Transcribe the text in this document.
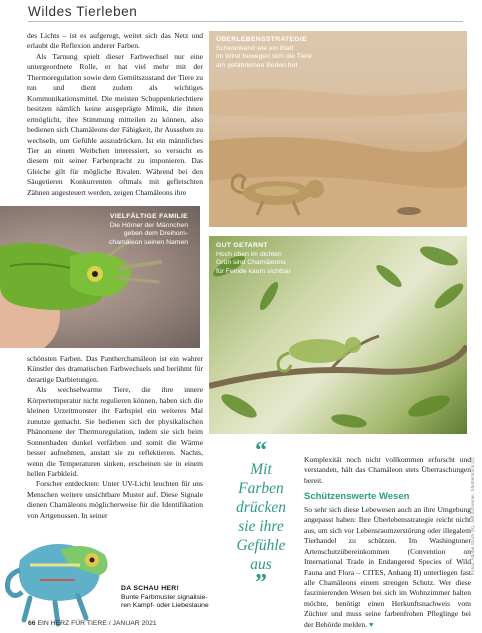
Wildes Tierleben

des Lichts – ist es aufgeregt, weitet sich das Netz und erlaubt die Reflexion anderer Farben.

Als Tarnung spielt dieser Farbwechsel nur eine untergeordnete Rolle, er hat viel mehr mit der Thermoregulation sowie dem Gemütszustand der Tiere zu tun und dient zudem als wichtiges Kommunikationsmittel. Die meisten Schuppenkriechtiere besitzen nämlich keine ausgeprägte Mimik, die ihnen ermöglicht, ihre Stimmung mitteilen zu können, also bedienen sich Chamäleons der Fähigkeit, ihr Aussehen zu wechseln, um Gefühle auszudrücken. Ist ein männliches Tier an einem Weibchen interessiert, so versucht es diesem mit seiner Farbenpracht zu imponieren. Das Gleiche gilt für mögliche Rivalen. Während bei den Säugetieren Konkurrenten oftmals mit gefletschten Zähnen angesteuert werden, zeigen Chamäleons ihre

ÜBERLEBENSSTRATEGIE
Schwankend wie ein Blatt
im Wind bewegen sich die Tiere
am gefährlichen Boden fort
VIELFÄLTIGE FAMILIE
Die Hörner der Männchen
geben dem Dreihorn-
chamäleon seinen Namen	GUT GETARNT
Hoch oben im dichten
Grün sind Chamäleons
für Feinde kaum sichtbar

schönsten Farben. Das Pantherchamäleon ist ein wahrer Künstler des dramatischen Farbwechsels und berühmt für derartige Darbietungen.

Als wechselwarme Tiere, die ihre innere Körpertemperatur nicht regulieren können, haben sich die kleinen Urzeitmonster ihr Farbspiel ein weiteres Mal zunutze gemacht. Sie bedienen sich der physikalischen Phänomene der Thermoregulation, indem sie sich beim Sonnenbaden dunkel verfärben und somit die Wärme besser aufnehmen, anstatt sie zu reflektieren. Nachts, wenn die Temperaturen sinken, erscheinen sie in einem hellen Farbkleid.

Forscher entdeckten: Unter UV-Licht leuchten für uns Menschen weitere unsichtbare Muster auf. Diese Signale dienen Chamäleons möglicherweise für die Identifikation von Artgenossen. In seiner

“
Mit
Farben
drücken
sie ihre
Gefühle
aus
”

Komplexität noch nicht vollkommen erforscht und verstanden, hält das Chamäleon stets Überraschungen bereit.

Schützenswerte Wesen

So sehr sich diese Lebewesen auch an ihre Umgebung angepasst haben: Ihre Überlebensstrategie reicht nicht aus, um sich vor Lebensraumzerstörung oder illegalem Tierhandel zu schützen. Im Washingtoner Artenschutzübereinkommen (Convention on International Trade in Endangered Species of Wild Fauna and Flora – CITES, Anhang II) unterliegen fast alle Chamäleons einem strengen Schutz. Wer diese faszinierenden Wesen bei sich im Wohnzimmer halten möchte, benötigt einen Herkunftsnachweis vom Züchter und muss seine farbenfrohen Pfleglinge bei der Behörde melden. ♥

DA SCHAU HER!
Bunte Farbmuster signalisie-
ren Kampf- oder Liebeslaune
66 EIN HERZ FÜR TIERE / JANUAR 2021
Fotos: Adobe Stock (6), Jeff Schreiner, Shutterstock (2)
